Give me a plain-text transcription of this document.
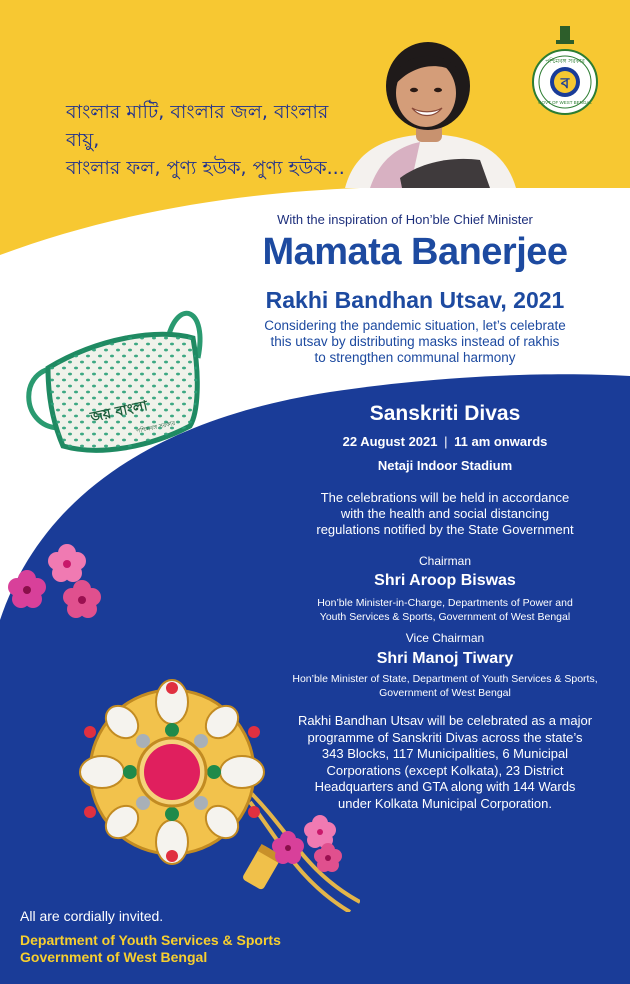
বাংলার মাটি, বাংলার জল, বাংলার বায়ু,
বাংলার ফল, পুণ্য হউক, পুণ্য হউক...
পশ্চিমবঙ্গ সরকার
ব
GOVT OF WEST BENGAL
With the inspiration of Hon’ble Chief Minister
Mamata Banerjee
Rakhi Bandhan Utsav, 2021
Considering the pandemic situation, let’s celebrate
this utsav by distributing masks instead of rakhis
to strengthen communal harmony
জয় বাংলা
পশ্চিমবঙ্গ সরকার
Sanskriti Divas
22 August 2021 | 11 am onwards
Netaji Indoor Stadium
The celebrations will be held in accordance
with the health and social distancing
regulations notified by the State Government
Chairman
Shri Aroop Biswas
Hon’ble Minister-in-Charge, Departments of Power and
Youth Services & Sports, Government of West Bengal
Vice Chairman
Shri Manoj Tiwary
Hon’ble Minister of State, Department of Youth Services & Sports,
Government of West Bengal
Rakhi Bandhan Utsav will be celebrated as a major
programme of Sanskriti Divas across the state’s
343 Blocks, 117 Municipalities, 6 Municipal
Corporations (except Kolkata), 23 District
Headquarters and GTA along with 144 Wards
under Kolkata Municipal Corporation.
All are cordially invited.
Department of Youth Services & Sports
Government of West Bengal
